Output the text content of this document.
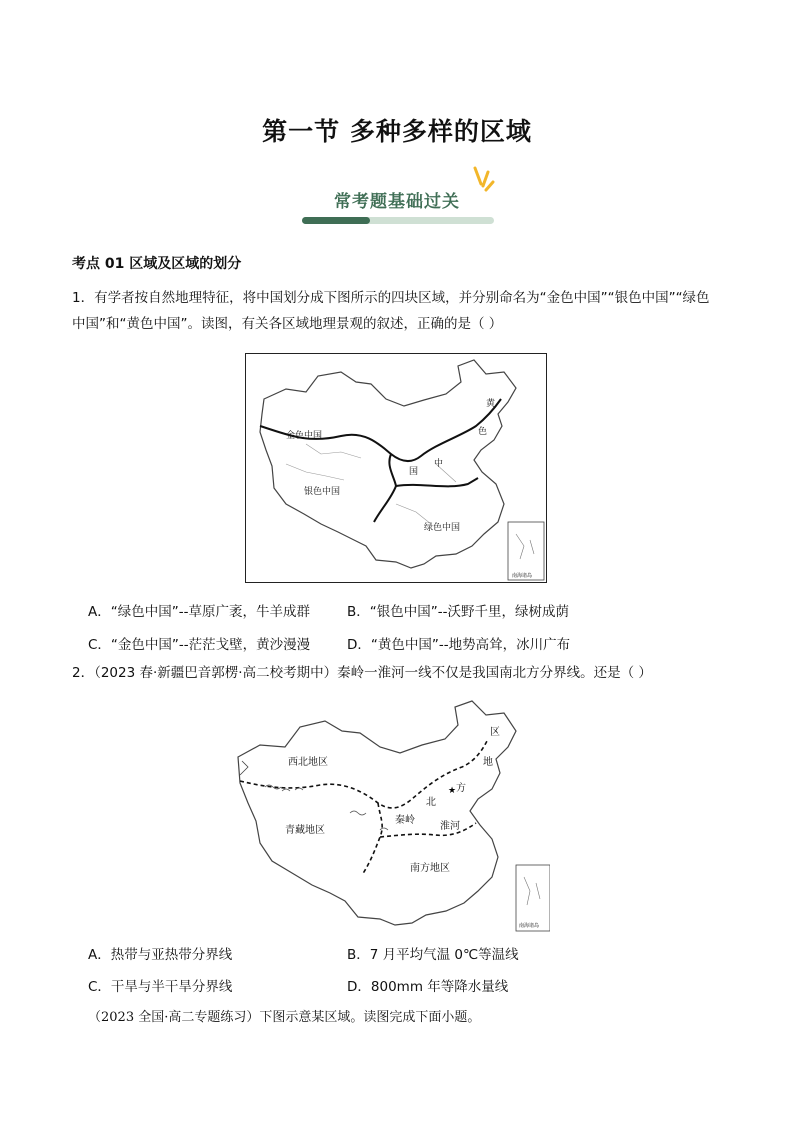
第一节 多种多样的区域
常考题基础过关
考点 01 区域及区域的划分
1．有学者按自然地理特征，将中国划分成下图所示的四块区域，并分别命名为“金色中国”“银色中国”“绿色
中国”和“黄色中国”。读图，有关各区域地理景观的叙述，正确的是（ ）
金色中国
银色中国
绿色中国
黄
色
中
国
南海诸岛
A．“绿色中国”--草原广袤，牛羊成群	B．“银色中国”--沃野千里，绿树成荫
C．“金色中国”--茫茫戈壁，黄沙漫漫	D．“黄色中国”--地势高耸，冰川广布
2．（2023 春·新疆巴音郭楞·高二校考期中）秦岭一淮河一线不仅是我国南北方分界线。还是（ ）
西北地区
青藏地区
南方地区
秦岭
淮河
北
方
地
区
★
南海诸岛
A．热带与亚热带分界线	B．7 月平均气温 0℃等温线
C．干旱与半干旱分界线	D．800mm 年等降水量线
（2023 全国·高二专题练习）下图示意某区域。读图完成下面小题。
